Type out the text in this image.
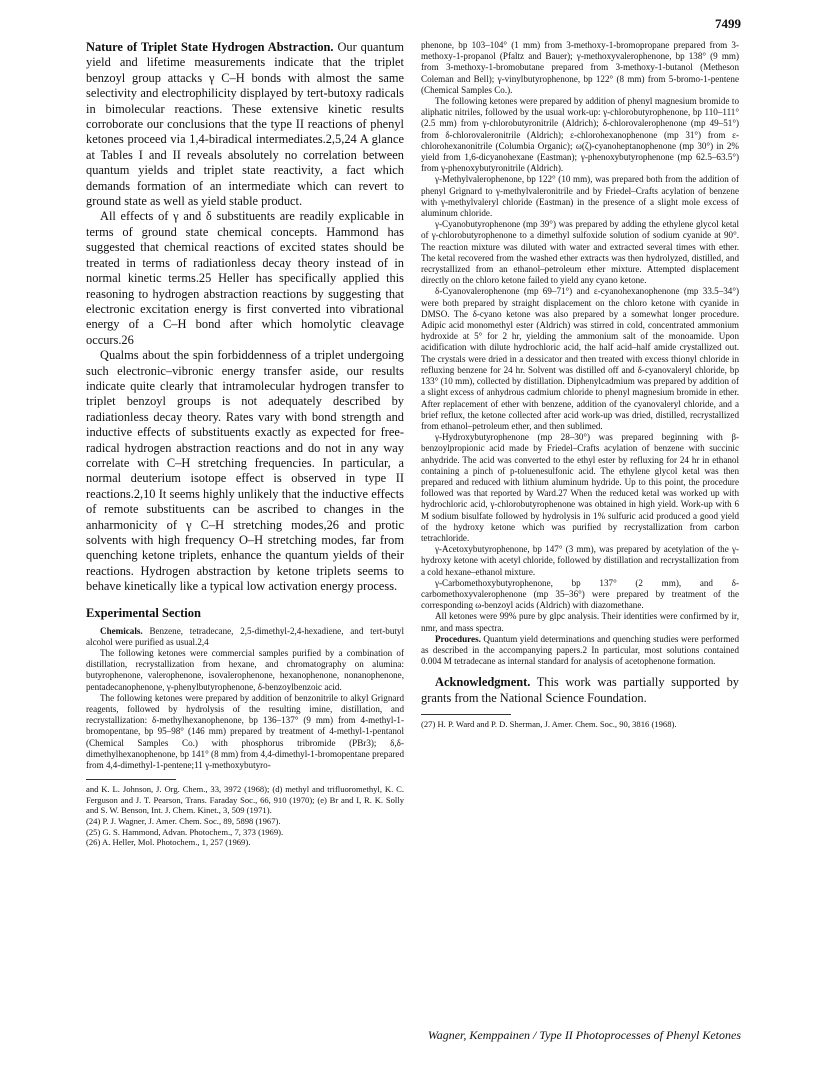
7499

Nature of Triplet State Hydrogen Abstraction. Our quantum yield and lifetime measurements indicate that the triplet benzoyl group attacks γ C–H bonds with almost the same selectivity and electrophilicity displayed by tert-butoxy radicals in bimolecular reactions. These extensive kinetic results corroborate our conclusions that the type II reactions of phenyl ketones proceed via 1,4-biradical intermediates.2,5,24 A glance at Tables I and II reveals absolutely no correlation between quantum yields and triplet state reactivity, a fact which demands formation of an intermediate which can revert to ground state as well as yield stable product.

All effects of γ and δ substituents are readily explicable in terms of ground state chemical concepts. Hammond has suggested that chemical reactions of excited states should be treated in terms of radiationless decay theory instead of in normal kinetic terms.25 Heller has specifically applied this reasoning to hydrogen abstraction reactions by suggesting that electronic excitation energy is first converted into vibrational energy of a C–H bond after which homolytic cleavage occurs.26

Qualms about the spin forbiddenness of a triplet undergoing such electronic–vibronic energy transfer aside, our results indicate quite clearly that intramolecular hydrogen transfer to triplet benzoyl groups is not adequately described by radiationless decay theory. Rates vary with bond strength and inductive effects of substituents exactly as expected for free-radical hydrogen abstraction reactions and do not in any way correlate with C–H stretching frequencies. In particular, a normal deuterium isotope effect is observed in type II reactions.2,10 It seems highly unlikely that the inductive effects of remote substituents can be ascribed to changes in the anharmonicity of γ C–H stretching modes,26 and protic solvents with high frequency O–H stretching modes, far from quenching ketone triplets, enhance the quantum yields of their reactions. Hydrogen abstraction by ketone triplets seems to behave kinetically like a typical low activation energy process.

Experimental Section

Chemicals. Benzene, tetradecane, 2,5-dimethyl-2,4-hexadiene, and tert-butyl alcohol were purified as usual.2,4

The following ketones were commercial samples purified by a combination of distillation, recrystallization from hexane, and chromatography on alumina: butyrophenone, valerophenone, isovalerophenone, hexanophenone, nonanophenone, pentadecanophenone, γ-phenylbutyrophenone, δ-benzoylbenzoic acid.

The following ketones were prepared by addition of benzonitrile to alkyl Grignard reagents, followed by hydrolysis of the resulting imine, distillation, and recrystallization: δ-methylhexanophenone, bp 136–137° (9 mm) from 4-methyl-1-bromopentane, bp 95–98° (146 mm) prepared by treatment of 4-methyl-1-pentanol (Chemical Samples Co.) with phosphorus tribromide (PBr3); δ,δ-dimethylhexanophenone, bp 141° (8 mm) from 4,4-dimethyl-1-bromopentane prepared from 4,4-dimethyl-1-pentene;11 γ-methoxybutyro-

and K. L. Johnson, J. Org. Chem., 33, 3972 (1968); (d) methyl and trifluoromethyl, K. C. Ferguson and J. T. Pearson, Trans. Faraday Soc., 66, 910 (1970); (e) Br and I, R. K. Solly and S. W. Benson, Int. J. Chem. Kinet., 3, 509 (1971).

(24) P. J. Wagner, J. Amer. Chem. Soc., 89, 5898 (1967).

(25) G. S. Hammond, Advan. Photochem., 7, 373 (1969).

(26) A. Heller, Mol. Photochem., 1, 257 (1969).

phenone, bp 103–104° (1 mm) from 3-methoxy-1-bromopropane prepared from 3-methoxy-1-propanol (Pfaltz and Bauer); γ-methoxyvalerophenone, bp 138° (9 mm) from 3-methoxy-1-bromobutane prepared from 3-methoxy-1-butanol (Metheson Coleman and Bell); γ-vinylbutyrophenone, bp 122° (8 mm) from 5-bromo-1-pentene (Chemical Samples Co.).

The following ketones were prepared by addition of phenyl magnesium bromide to aliphatic nitriles, followed by the usual work-up: γ-chlorobutyrophenone, bp 110–111° (2.5 mm) from γ-chlorobutyronitrile (Aldrich); δ-chlorovalerophenone (mp 49–51°) from δ-chlorovaleronitrile (Aldrich); ε-chlorohexanophenone (mp 31°) from ε-chlorohexanonitrile (Columbia Organic); ω(ζ)-cyanoheptanophenone (mp 30°) in 2% yield from 1,6-dicyanohexane (Eastman); γ-phenoxybutyrophenone (mp 62.5–63.5°) from γ-phenoxybutyronitrile (Aldrich).

γ-Methylvalerophenone, bp 122° (10 mm), was prepared both from the addition of phenyl Grignard to γ-methylvaleronitrile and by Friedel–Crafts acylation of benzene with γ-methylvaleryl chloride (Eastman) in the presence of a slight mole excess of aluminum chloride.

γ-Cyanobutyrophenone (mp 39°) was prepared by adding the ethylene glycol ketal of γ-chlorobutyrophenone to a dimethyl sulfoxide solution of sodium cyanide at 90°. The reaction mixture was diluted with water and extracted several times with ether. The ketal recovered from the washed ether extracts was then hydrolyzed, distilled, and recrystallized from an ethanol–petroleum ether mixture. Attempted displacement directly on the chloro ketone failed to yield any cyano ketone.

δ-Cyanovalerophenone (mp 69–71°) and ε-cyanohexanophenone (mp 33.5–34°) were both prepared by straight displacement on the chloro ketone with cyanide in DMSO. The δ-cyano ketone was also prepared by a somewhat longer procedure. Adipic acid monomethyl ester (Aldrich) was stirred in cold, concentrated ammonium hydroxide at 5° for 2 hr, yielding the ammonium salt of the monoamide. Upon acidification with dilute hydrochloric acid, the half acid–half amide crystallized out. The crystals were dried in a dessicator and then treated with excess thionyl chloride in refluxing benzene for 24 hr. Solvent was distilled off and δ-cyanovaleryl chloride, bp 133° (10 mm), collected by distillation. Diphenylcadmium was prepared by addition of a slight excess of anhydrous cadmium chloride to phenyl magnesium bromide in ether. After replacement of ether with benzene, addition of the cyanovaleryl chloride, and a brief reflux, the ketone collected after acid work-up was dried, distilled, recrystallized from ethanol–petroleum ether, and then sublimed.

γ-Hydroxybutyrophenone (mp 28–30°) was prepared beginning with β-benzoylpropionic acid made by Friedel–Crafts acylation of benzene with succinic anhydride. The acid was converted to the ethyl ester by refluxing for 24 hr in ethanol containing a pinch of p-toluenesulfonic acid. The ethylene glycol ketal was then prepared and reduced with lithium aluminum hydride. Up to this point, the procedure followed was that reported by Ward.27 When the reduced ketal was worked up with hydrochloric acid, γ-chlorobutyrophenone was obtained in high yield. Work-up with 6 M sodium bisulfate followed by hydrolysis in 1% sulfuric acid produced a good yield of the hydroxy ketone which was purified by recrystallization from carbon tetrachloride.

γ-Acetoxybutyrophenone, bp 147° (3 mm), was prepared by acetylation of the γ-hydroxy ketone with acetyl chloride, followed by distillation and recrystallization from a cold hexane–ethanol mixture.

γ-Carbomethoxybutyrophenone, bp 137° (2 mm), and δ-carbomethoxyvalerophenone (mp 35–36°) were prepared by treatment of the corresponding ω-benzoyl acids (Aldrich) with diazomethane.

All ketones were 99% pure by glpc analysis. Their identities were confirmed by ir, nmr, and mass spectra.

Procedures. Quantum yield determinations and quenching studies were performed as described in the accompanying papers.2 In particular, most solutions contained 0.004 M tetradecane as internal standard for analysis of acetophenone formation.

Acknowledgment. This work was partially supported by grants from the National Science Foundation.

(27) H. P. Ward and P. D. Sherman, J. Amer. Chem. Soc., 90, 3816 (1968).

Wagner, Kemppainen / Type II Photoprocesses of Phenyl Ketones
